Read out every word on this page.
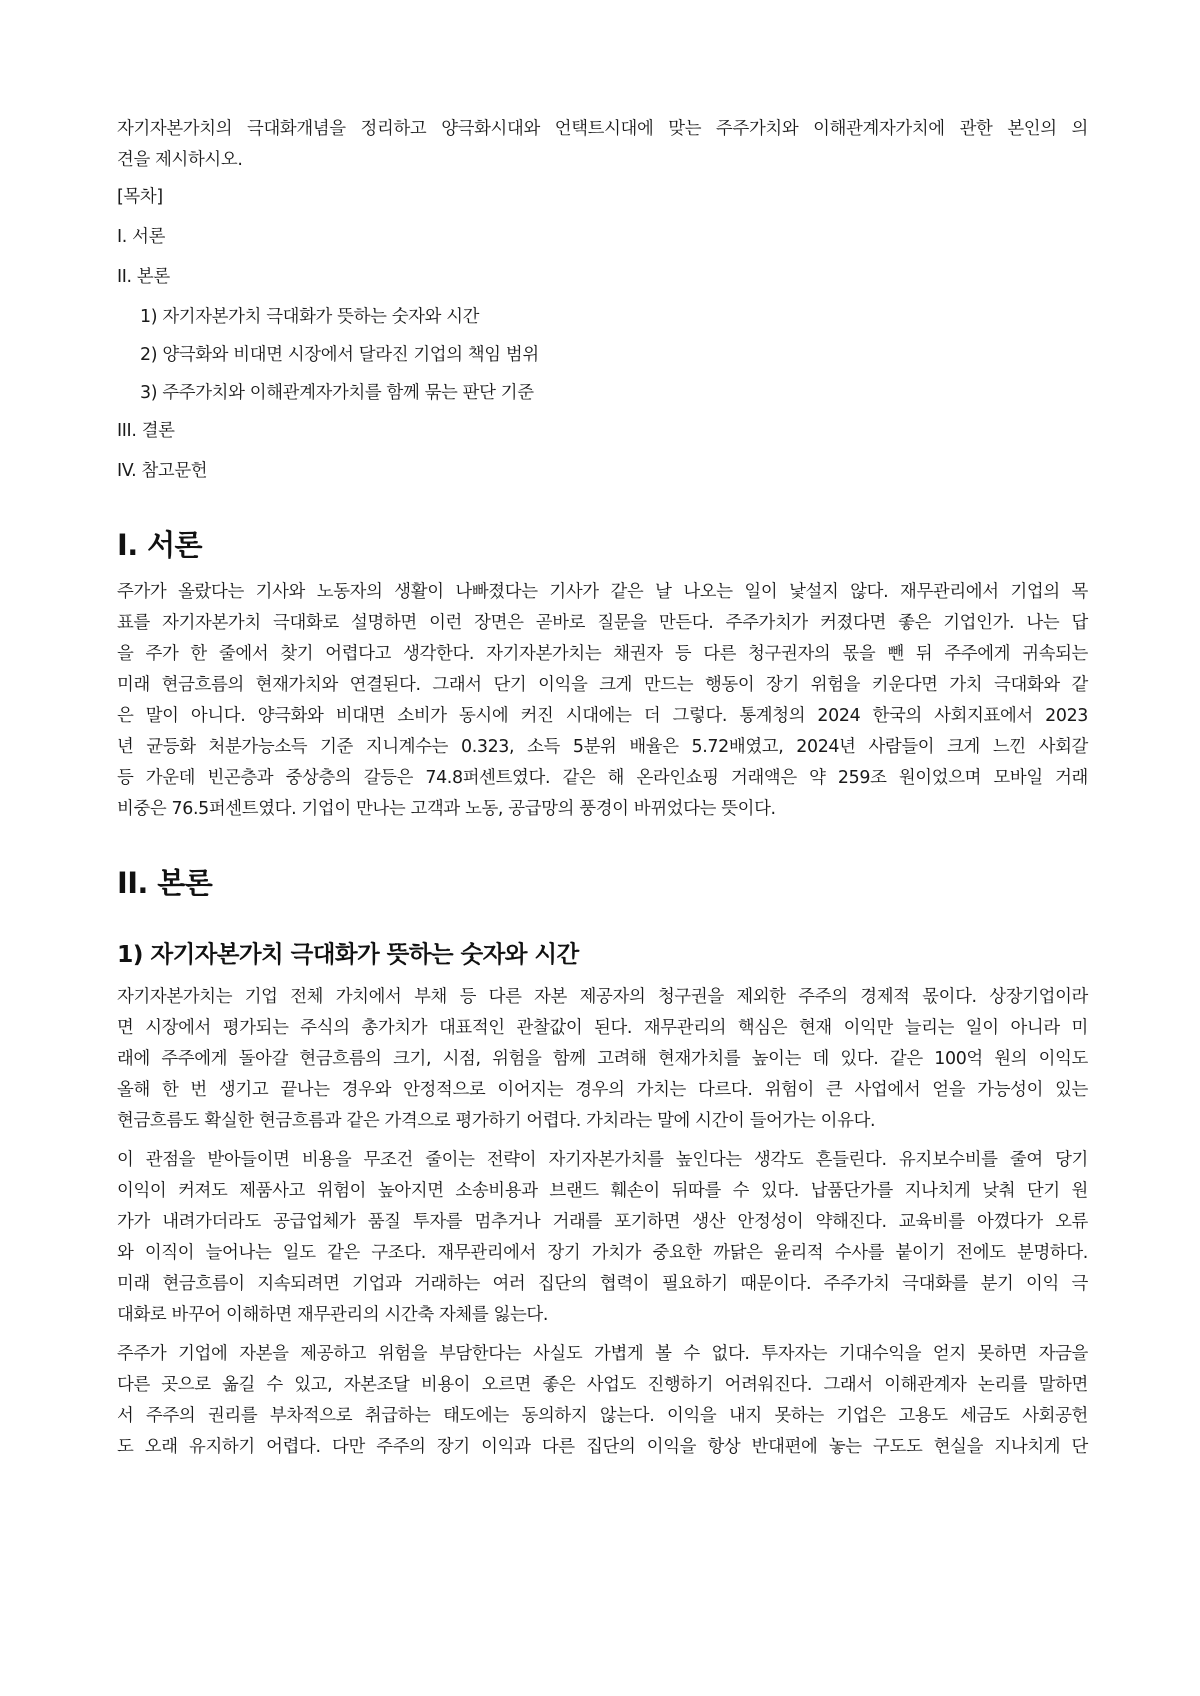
자기자본가치의 극대화개념을 정리하고 양극화시대와 언택트시대에 맞는 주주가치와 이해관계자가치에 관한 본인의 의
견을 제시하시오.
[목차]
I. 서론
II. 본론
1) 자기자본가치 극대화가 뜻하는 숫자와 시간
2) 양극화와 비대면 시장에서 달라진 기업의 책임 범위
3) 주주가치와 이해관계자가치를 함께 묶는 판단 기준
III. 결론
IV. 참고문헌
I. 서론
주가가 올랐다는 기사와 노동자의 생활이 나빠졌다는 기사가 같은 날 나오는 일이 낯설지 않다. 재무관리에서 기업의 목
표를 자기자본가치 극대화로 설명하면 이런 장면은 곧바로 질문을 만든다. 주주가치가 커졌다면 좋은 기업인가. 나는 답
을 주가 한 줄에서 찾기 어렵다고 생각한다. 자기자본가치는 채권자 등 다른 청구권자의 몫을 뺀 뒤 주주에게 귀속되는
미래 현금흐름의 현재가치와 연결된다. 그래서 단기 이익을 크게 만드는 행동이 장기 위험을 키운다면 가치 극대화와 같
은 말이 아니다. 양극화와 비대면 소비가 동시에 커진 시대에는 더 그렇다. 통계청의 2024 한국의 사회지표에서 2023
년 균등화 처분가능소득 기준 지니계수는 0.323, 소득 5분위 배율은 5.72배였고, 2024년 사람들이 크게 느낀 사회갈
등 가운데 빈곤층과 중상층의 갈등은 74.8퍼센트였다. 같은 해 온라인쇼핑 거래액은 약 259조 원이었으며 모바일 거래
비중은 76.5퍼센트였다. 기업이 만나는 고객과 노동, 공급망의 풍경이 바뀌었다는 뜻이다.
II. 본론
1) 자기자본가치 극대화가 뜻하는 숫자와 시간
자기자본가치는 기업 전체 가치에서 부채 등 다른 자본 제공자의 청구권을 제외한 주주의 경제적 몫이다. 상장기업이라
면 시장에서 평가되는 주식의 총가치가 대표적인 관찰값이 된다. 재무관리의 핵심은 현재 이익만 늘리는 일이 아니라 미
래에 주주에게 돌아갈 현금흐름의 크기, 시점, 위험을 함께 고려해 현재가치를 높이는 데 있다. 같은 100억 원의 이익도
올해 한 번 생기고 끝나는 경우와 안정적으로 이어지는 경우의 가치는 다르다. 위험이 큰 사업에서 얻을 가능성이 있는
현금흐름도 확실한 현금흐름과 같은 가격으로 평가하기 어렵다. 가치라는 말에 시간이 들어가는 이유다.
이 관점을 받아들이면 비용을 무조건 줄이는 전략이 자기자본가치를 높인다는 생각도 흔들린다. 유지보수비를 줄여 당기
이익이 커져도 제품사고 위험이 높아지면 소송비용과 브랜드 훼손이 뒤따를 수 있다. 납품단가를 지나치게 낮춰 단기 원
가가 내려가더라도 공급업체가 품질 투자를 멈추거나 거래를 포기하면 생산 안정성이 약해진다. 교육비를 아꼈다가 오류
와 이직이 늘어나는 일도 같은 구조다. 재무관리에서 장기 가치가 중요한 까닭은 윤리적 수사를 붙이기 전에도 분명하다.
미래 현금흐름이 지속되려면 기업과 거래하는 여러 집단의 협력이 필요하기 때문이다. 주주가치 극대화를 분기 이익 극
대화로 바꾸어 이해하면 재무관리의 시간축 자체를 잃는다.
주주가 기업에 자본을 제공하고 위험을 부담한다는 사실도 가볍게 볼 수 없다. 투자자는 기대수익을 얻지 못하면 자금을
다른 곳으로 옮길 수 있고, 자본조달 비용이 오르면 좋은 사업도 진행하기 어려워진다. 그래서 이해관계자 논리를 말하면
서 주주의 권리를 부차적으로 취급하는 태도에는 동의하지 않는다. 이익을 내지 못하는 기업은 고용도 세금도 사회공헌
도 오래 유지하기 어렵다. 다만 주주의 장기 이익과 다른 집단의 이익을 항상 반대편에 놓는 구도도 현실을 지나치게 단
